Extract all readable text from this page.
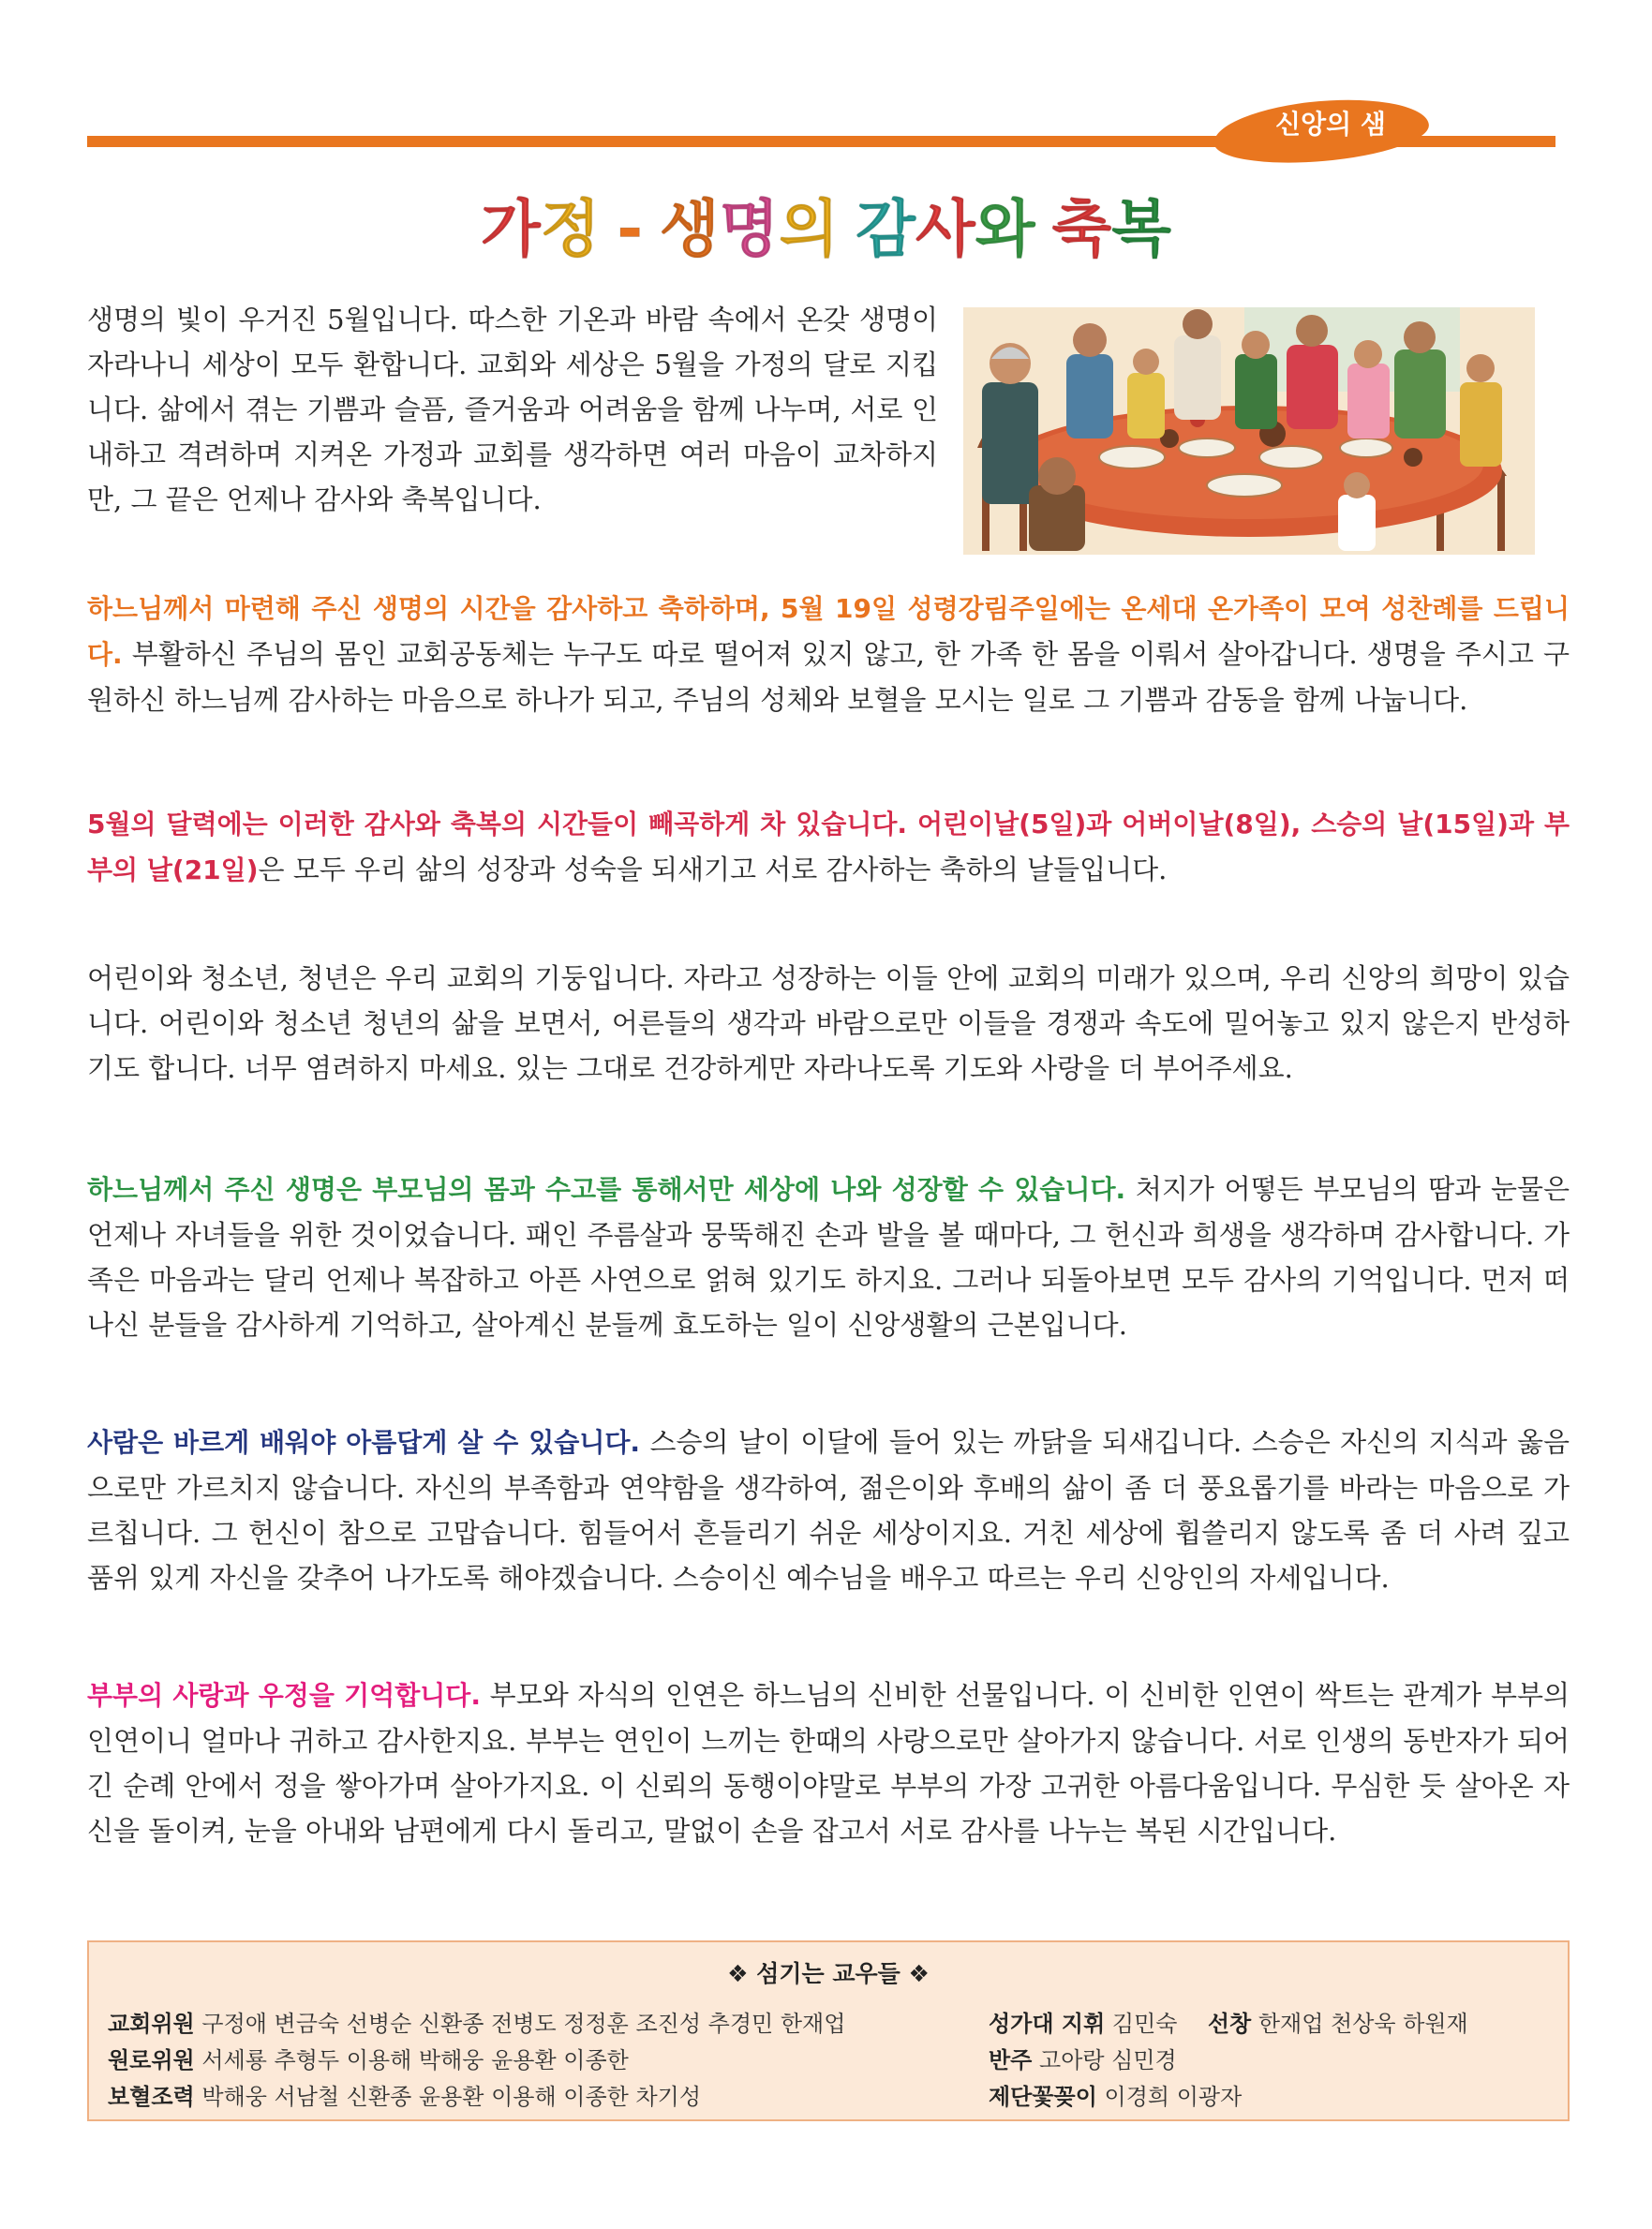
신앙의 샘
가정 - 생명의 감사와 축복
생명의 빛이 우거진 5월입니다. 따스한 기온과 바람 속에서 온갖 생명이 자라나니 세상이 모두 환합니다. 교회와 세상은 5월을 가정의 달로 지킵니다. 삶에서 겪는 기쁨과 슬픔, 즐거움과 어려움을 함께 나누며, 서로 인내하고 격려하며 지켜온 가정과 교회를 생각하면 여러 마음이 교차하지만, 그 끝은 언제나 감사와 축복입니다.
하느님께서 마련해 주신 생명의 시간을 감사하고 축하하며, 5월 19일 성령강림주일에는 온세대 온가족이 모여 성찬례를 드립니다. 부활하신 주님의 몸인 교회공동체는 누구도 따로 떨어져 있지 않고, 한 가족 한 몸을 이뤄서 살아갑니다. 생명을 주시고 구원하신 하느님께 감사하는 마음으로 하나가 되고, 주님의 성체와 보혈을 모시는 일로 그 기쁨과 감동을 함께 나눕니다.
5월의 달력에는 이러한 감사와 축복의 시간들이 빼곡하게 차 있습니다. 어린이날(5일)과 어버이날(8일), 스승의 날(15일)과 부부의 날(21일)은 모두 우리 삶의 성장과 성숙을 되새기고 서로 감사하는 축하의 날들입니다.
어린이와 청소년, 청년은 우리 교회의 기둥입니다. 자라고 성장하는 이들 안에 교회의 미래가 있으며, 우리 신앙의 희망이 있습니다. 어린이와 청소년 청년의 삶을 보면서, 어른들의 생각과 바람으로만 이들을 경쟁과 속도에 밀어놓고 있지 않은지 반성하기도 합니다. 너무 염려하지 마세요. 있는 그대로 건강하게만 자라나도록 기도와 사랑을 더 부어주세요.
하느님께서 주신 생명은 부모님의 몸과 수고를 통해서만 세상에 나와 성장할 수 있습니다. 처지가 어떻든 부모님의 땀과 눈물은 언제나 자녀들을 위한 것이었습니다. 패인 주름살과 뭉뚝해진 손과 발을 볼 때마다, 그 헌신과 희생을 생각하며 감사합니다. 가족은 마음과는 달리 언제나 복잡하고 아픈 사연으로 얽혀 있기도 하지요. 그러나 되돌아보면 모두 감사의 기억입니다. 먼저 떠나신 분들을 감사하게 기억하고, 살아계신 분들께 효도하는 일이 신앙생활의 근본입니다.
사람은 바르게 배워야 아름답게 살 수 있습니다. 스승의 날이 이달에 들어 있는 까닭을 되새깁니다. 스승은 자신의 지식과 옳음으로만 가르치지 않습니다. 자신의 부족함과 연약함을 생각하여, 젊은이와 후배의 삶이 좀 더 풍요롭기를 바라는 마음으로 가르칩니다. 그 헌신이 참으로 고맙습니다. 힘들어서 흔들리기 쉬운 세상이지요. 거친 세상에 휩쓸리지 않도록 좀 더 사려 깊고 품위 있게 자신을 갖추어 나가도록 해야겠습니다. 스승이신 예수님을 배우고 따르는 우리 신앙인의 자세입니다.
부부의 사랑과 우정을 기억합니다. 부모와 자식의 인연은 하느님의 신비한 선물입니다. 이 신비한 인연이 싹트는 관계가 부부의 인연이니 얼마나 귀하고 감사한지요. 부부는 연인이 느끼는 한때의 사랑으로만 살아가지 않습니다. 서로 인생의 동반자가 되어 긴 순례 안에서 정을 쌓아가며 살아가지요. 이 신뢰의 동행이야말로 부부의 가장 고귀한 아름다움입니다. 무심한 듯 살아온 자신을 돌이켜, 눈을 아내와 남편에게 다시 돌리고, 말없이 손을 잡고서 서로 감사를 나누는 복된 시간입니다.
❖ 섬기는 교우들 ❖
교회위원 구정애 변금숙 선병순 신환종 전병도 정정훈 조진성 추경민 한재업
원로위원 서세룡 추형두 이용해 박해웅 윤용환 이종한
보혈조력 박해웅 서남철 신환종 윤용환 이용해 이종한 차기성
성가대 지휘 김민숙 선창 한재업 천상욱 하원재
반주 고아랑 심민경
제단꽃꽂이 이경희 이광자
